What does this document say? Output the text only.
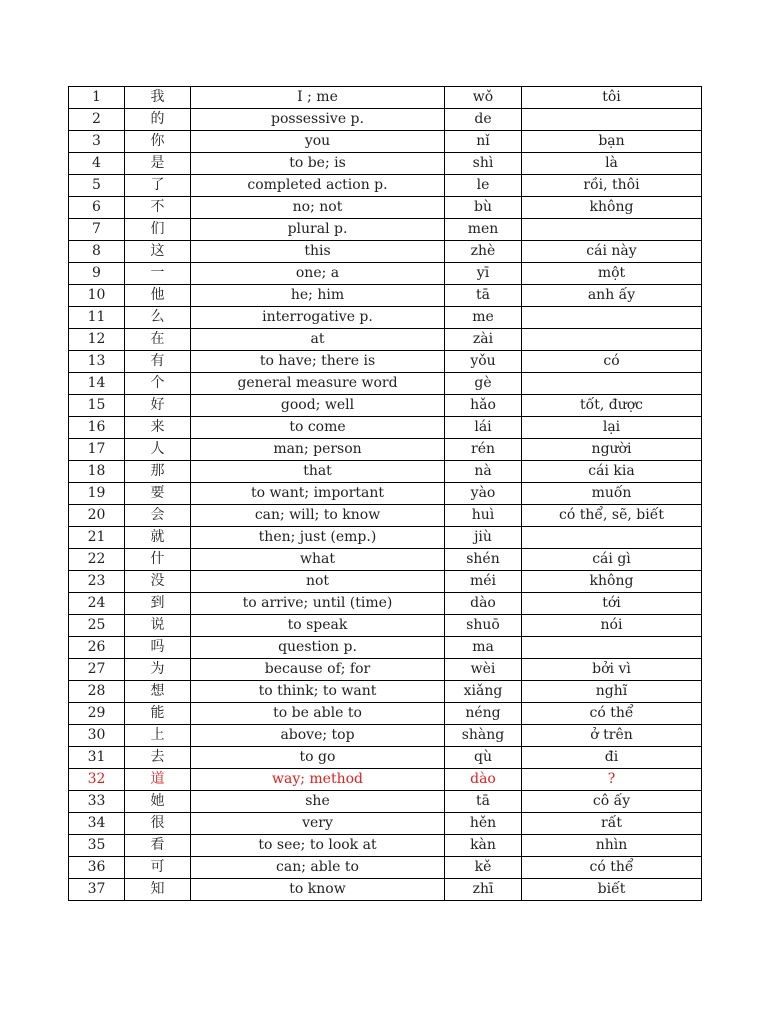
1	我	I ; me	wǒ	tôi
2	的	possessive p.	de	
3	你	you	nǐ	bạn
4	是	to be; is	shì	là
5	了	completed action p.	le	rồi, thôi
6	不	no; not	bù	không
7	们	plural p.	men	
8	这	this	zhè	cái này
9	一	one; a	yī	một
10	他	he; him	tā	anh ấy
11	么	interrogative p.	me	
12	在	at	zài	
13	有	to have; there is	yǒu	có
14	个	general measure word	gè	
15	好	good; well	hǎo	tốt, được
16	来	to come	lái	lại
17	人	man; person	rén	người
18	那	that	nà	cái kia
19	要	to want; important	yào	muốn
20	会	can; will; to know	huì	có thể, sẽ, biết
21	就	then; just (emp.)	jiù	
22	什	what	shén	cái gì
23	没	not	méi	không
24	到	to arrive; until (time)	dào	tới
25	说	to speak	shuō	nói
26	吗	question p.	ma	
27	为	because of; for	wèi	bởi vì
28	想	to think; to want	xiǎng	nghĩ
29	能	to be able to	néng	có thể
30	上	above; top	shàng	ở trên
31	去	to go	qù	đi
32	道	way; method	dào	?
33	她	she	tā	cô ấy
34	很	very	hěn	rất
35	看	to see; to look at	kàn	nhìn
36	可	can; able to	kě	có thể
37	知	to know	zhī	biết
